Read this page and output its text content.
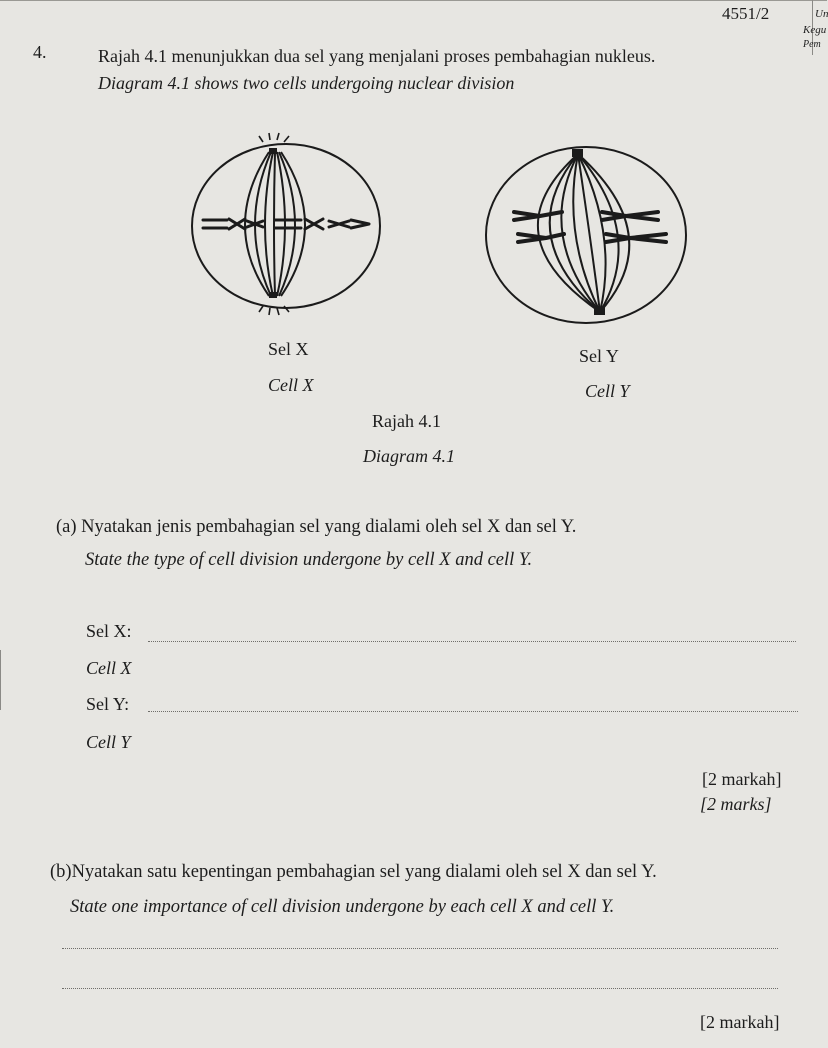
4551/2	Un
Kegu
Pem
4.	Rajah 4.1 menunjukkan dua sel yang menjalani proses pembahagian nukleus.
Diagram 4.1 shows two cells undergoing nuclear division
Sel X
Cell X
Sel Y
Cell Y
Rajah 4.1
Diagram 4.1
(a) Nyatakan jenis pembahagian sel yang dialami oleh sel X dan sel Y.
State the type of cell division undergone by cell X and cell Y.
Sel X:
Cell X
Sel Y:
Cell Y
[2 markah]
[2 marks]
(b)Nyatakan satu kepentingan pembahagian sel yang dialami oleh sel X dan sel Y.
State one importance of cell division undergone by each cell X and cell Y.
[2 markah]
